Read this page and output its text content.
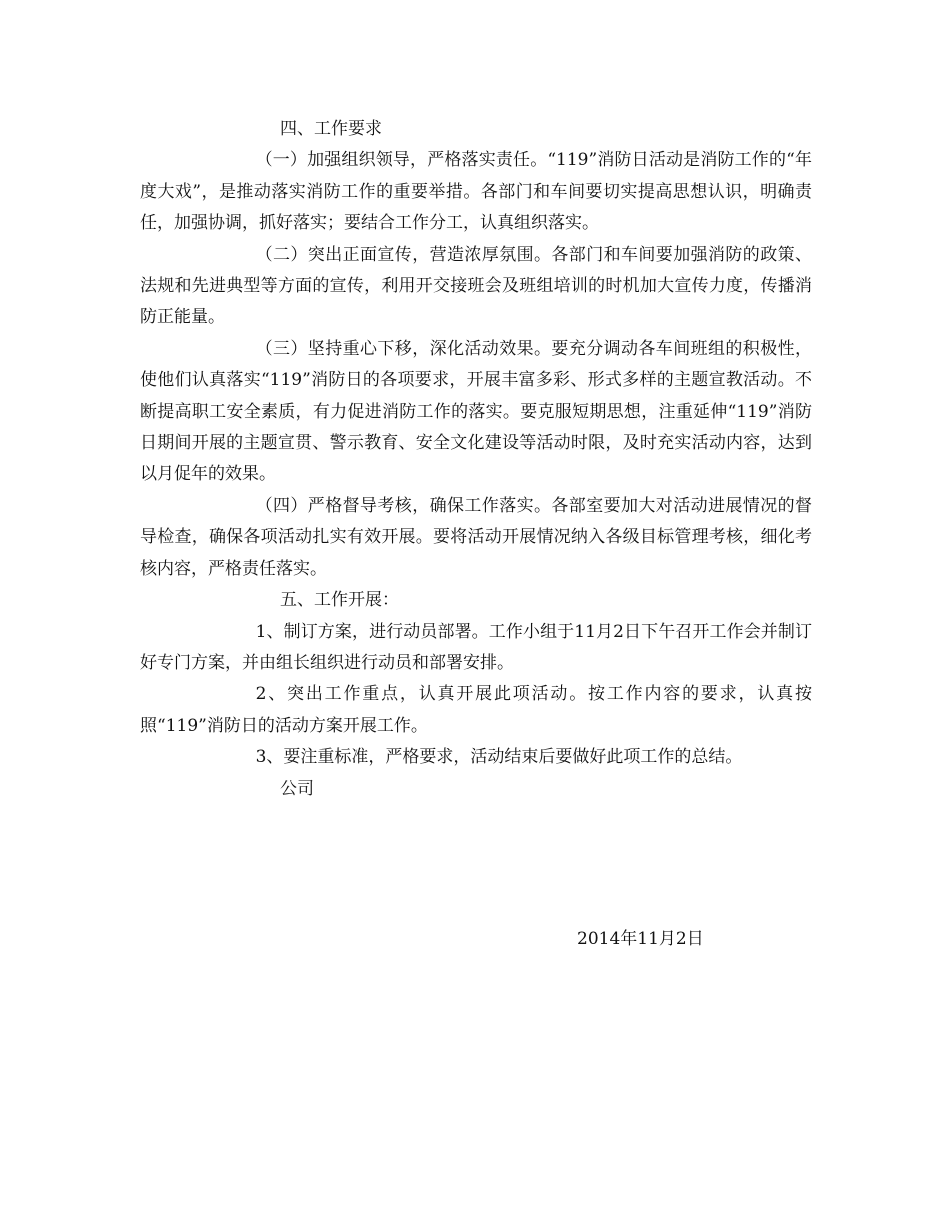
四、工作要求

（一）加强组织领导，严格落实责任。“119”消防日活动是消防工作的“年度大戏”，是推动落实消防工作的重要举措。各部门和车间要切实提高思想认识，明确责任，加强协调，抓好落实；要结合工作分工，认真组织落实。

（二）突出正面宣传，营造浓厚氛围。各部门和车间要加强消防的政策、法规和先进典型等方面的宣传，利用开交接班会及班组培训的时机加大宣传力度，传播消防正能量。

（三）坚持重心下移，深化活动效果。要充分调动各车间班组的积极性，使他们认真落实“119”消防日的各项要求，开展丰富多彩、形式多样的主题宣教活动。不断提高职工安全素质，有力促进消防工作的落实。要克服短期思想，注重延伸“119”消防日期间开展的主题宣贯、警示教育、安全文化建设等活动时限，及时充实活动内容，达到以月促年的效果。

（四）严格督导考核，确保工作落实。各部室要加大对活动进展情况的督导检查，确保各项活动扎实有效开展。要将活动开展情况纳入各级目标管理考核，细化考核内容，严格责任落实。

五、工作开展：

1、制订方案，进行动员部署。工作小组于11月2日下午召开工作会并制订好专门方案，并由组长组织进行动员和部署安排。

2、突出工作重点，认真开展此项活动。按工作内容的要求，认真按照“119”消防日的活动方案开展工作。

3、要注重标准，严格要求，活动结束后要做好此项工作的总结。

公司

2014年11月2日
